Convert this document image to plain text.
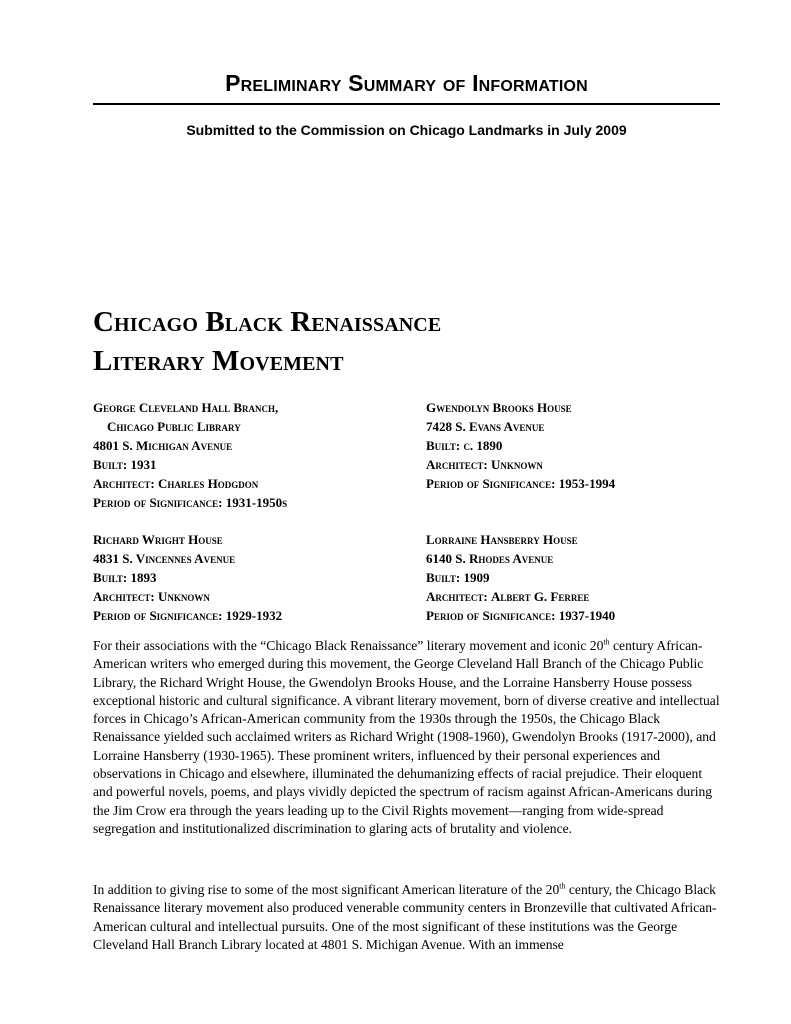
Preliminary Summary of Information

Submitted to the Commission on Chicago Landmarks in July 2009

Chicago Black Renaissance
Literary Movement
George Cleveland Hall Branch,
Chicago Public Library
4801 S. Michigan Avenue
Built: 1931
Architect: Charles Hodgdon
Period of Significance: 1931-1950s
Gwendolyn Brooks House
7428 S. Evans Avenue
Built: c. 1890
Architect: Unknown
Period of Significance: 1953-1994
Richard Wright House
4831 S. Vincennes Avenue
Built: 1893
Architect: Unknown
Period of Significance: 1929-1932
Lorraine Hansberry House
6140 S. Rhodes Avenue
Built: 1909
Architect: Albert G. Ferree
Period of Significance: 1937-1940

For their associations with the “Chicago Black Renaissance” literary movement and iconic 20th century African-American writers who emerged during this movement, the George Cleveland Hall Branch of the Chicago Public Library, the Richard Wright House, the Gwendolyn Brooks House, and the Lorraine Hansberry House possess exceptional historic and cultural significance. A vibrant literary movement, born of diverse creative and intellectual forces in Chicago’s African-American community from the 1930s through the 1950s, the Chicago Black Renaissance yielded such acclaimed writers as Richard Wright (1908-1960), Gwendolyn Brooks (1917-2000), and Lorraine Hansberry (1930-1965). These prominent writers, influenced by their personal experiences and observations in Chicago and elsewhere, illuminated the dehumanizing effects of racial prejudice. Their eloquent and powerful novels, poems, and plays vividly depicted the spectrum of racism against African-Americans during the Jim Crow era through the years leading up to the Civil Rights movement—ranging from wide-spread segregation and institutionalized discrimination to glaring acts of brutality and violence.

In addition to giving rise to some of the most significant American literature of the 20th century, the Chicago Black Renaissance literary movement also produced venerable community centers in Bronzeville that cultivated African-American cultural and intellectual pursuits. One of the most significant of these institutions was the George Cleveland Hall Branch Library located at 4801 S. Michigan Avenue. With an immense
